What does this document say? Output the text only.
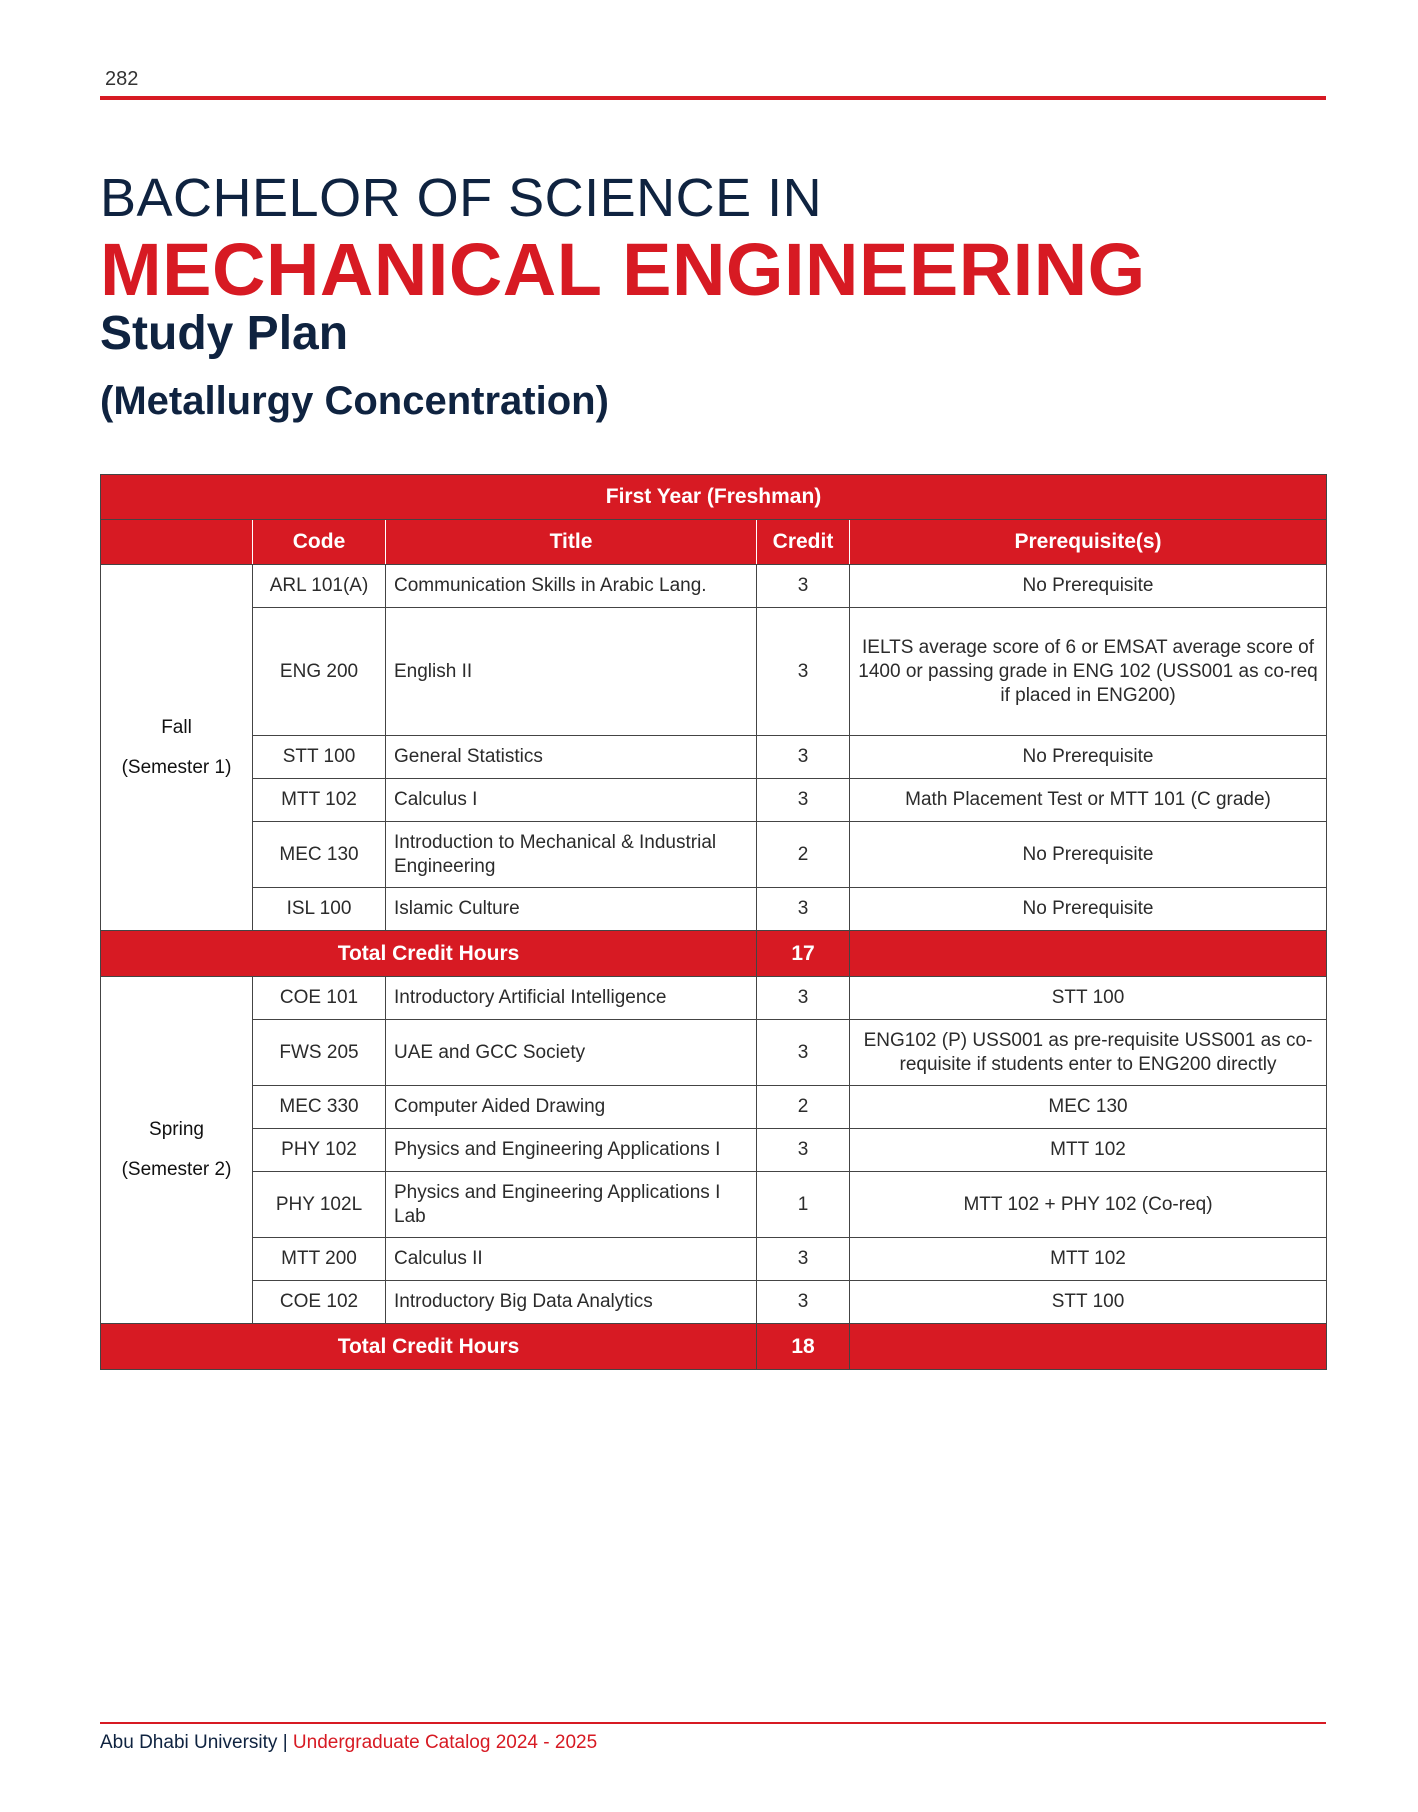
282
BACHELOR OF SCIENCE IN
MECHANICAL ENGINEERING
Study Plan
(Metallurgy Concentration)
First Year (Freshman)				
	Code	Title	Credit	Prerequisite(s)

Fall
(Semester 1)	ARL 101(A)	Communication Skills in Arabic Lang.	3	No Prerequisite
	ENG 200	English II	3	IELTS average score of 6 or EMSAT average score of 1400 or passing grade in ENG 102 (USS001 as co-req if placed in ENG200)
	STT 100	General Statistics	3	No Prerequisite
	MTT 102	Calculus I	3	Math Placement Test or MTT 101 (C grade)
	MEC 130	Introduction to Mechanical & Industrial Engineering	2	No Prerequisite
	ISL 100	Islamic Culture	3	No Prerequisite
Total Credit Hours			17	

Spring
(Semester 2)	COE 101	Introductory Artificial Intelligence	3	STT 100
	FWS 205	UAE and GCC Society	3	ENG102 (P) USS001 as pre-requisite USS001 as co-requisite if students enter to ENG200 directly
	MEC 330	Computer Aided Drawing	2	MEC 130
	PHY 102	Physics and Engineering Applications I	3	MTT 102
	PHY 102L	Physics and Engineering Applications I Lab	1	MTT 102 + PHY 102 (Co-req)
	MTT 200	Calculus II	3	MTT 102
	COE 102	Introductory Big Data Analytics	3	STT 100
Total Credit Hours			18	
Abu Dhabi University | Undergraduate Catalog 2024 - 2025
